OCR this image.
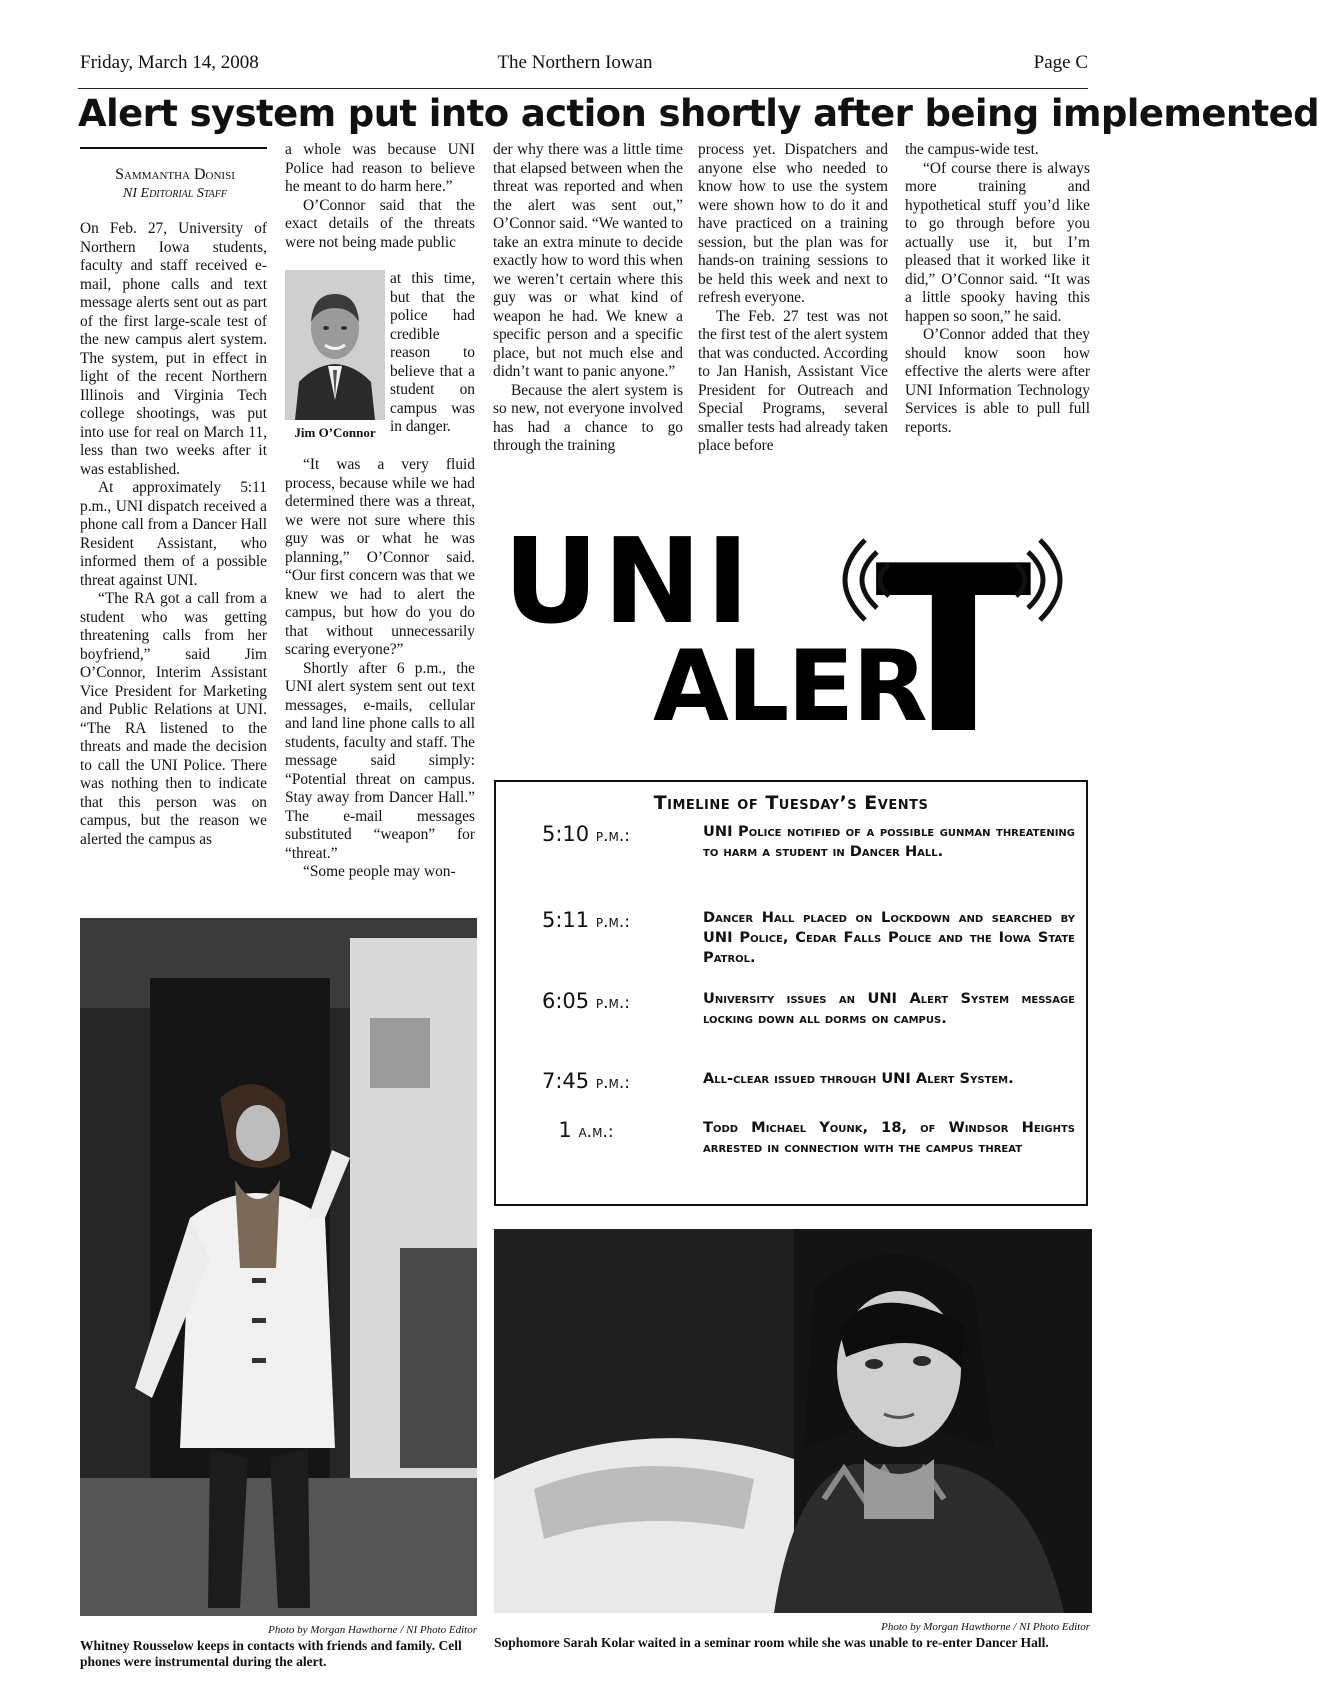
Friday, March 14, 2008	The Northern Iowan	Page C
Alert system put into action shortly after being implemented
Sammantha Donisi
NI Editorial Staff

On Feb. 27, University of Northern Iowa students, faculty and staff received e-mail, phone calls and text message alerts sent out as part of the first large-scale test of the new campus alert system. The system, put in effect in light of the recent Northern Illinois and Virginia Tech college shootings, was put into use for real on March 11, less than two weeks after it was established.

At approximately 5:11 p.m., UNI dispatch received a phone call from a Dancer Hall Resident Assistant, who informed them of a possible threat against UNI.

“The RA got a call from a student who was getting threatening calls from her boyfriend,” said Jim O’Connor, Interim Assistant Vice President for Marketing and Public Relations at UNI. “The RA listened to the threats and made the decision to call the UNI Police. There was nothing then to indicate that this person was on campus, but the reason we alerted the campus as

a whole was because UNI Police had reason to believe he meant to do harm here.”

O’Connor said that the exact details of the threats were not being made public

at this time, but that the police had credible reason to believe that a student on campus was in danger.

Jim O’Connor

“It was a very fluid process, because while we had determined there was a threat, we were not sure where this guy was or what he was planning,” O’Connor said. “Our first concern was that we knew we had to alert the campus, but how do you do that without unnecessarily scaring everyone?”

Shortly after 6 p.m., the UNI alert system sent out text messages, e-mails, cellular and land line phone calls to all students, faculty and staff. The message said simply: “Potential threat on campus. Stay away from Dancer Hall.” The e-mail messages substituted “weapon” for “threat.”

“Some people may won-

der why there was a little time that elapsed between when the threat was reported and when the alert was sent out,” O’Connor said. “We wanted to take an extra minute to decide exactly how to word this when we weren’t certain where this guy was or what kind of weapon he had. We knew a specific person and a specific place, but not much else and didn’t want to panic anyone.”

Because the alert system is so new, not everyone involved has had a chance to go through the training

process yet. Dispatchers and anyone else who needed to know how to use the system were shown how to do it and have practiced on a training session, but the plan was for hands-on training sessions to be held this week and next to refresh everyone.

The Feb. 27 test was not the first test of the alert system that was conducted. According to Jan Hanish, Assistant Vice President for Outreach and Special Programs, several smaller tests had already taken place before

the campus-wide test.

“Of course there is always more training and hypothetical stuff you’d like to go through before you actually use it, but I’m pleased that it worked like it did,” O’Connor said. “It was a little spooky having this happen so soon,” he said.

O’Connor added that they should know soon how effective the alerts were after UNI Information Technology Services is able to pull full reports.

UNI
ALER
T
Timeline of Tuesday’s Events
5:10 p.m.:	UNI Police notified of a possible gunman threatening to harm a student in Dancer Hall.
5:11 p.m.:	Dancer Hall placed on Lockdown and searched by UNI Police, Cedar Falls Police and the Iowa State Patrol.
6:05 p.m.:	University issues an UNI Alert System message locking down all dorms on campus.
7:45 p.m.:	All-clear issued through UNI Alert System.
1 a.m.:	Todd Michael Younk, 18, of Windsor Heights arrested in connection with the campus threat
Photo by Morgan Hawthorne / NI Photo Editor
Whitney Rousselow keeps in contacts with friends and family. Cell phones were instrumental during the alert.
Photo by Morgan Hawthorne / NI Photo Editor
Sophomore Sarah Kolar waited in a seminar room while she was unable to re-enter Dancer Hall.
